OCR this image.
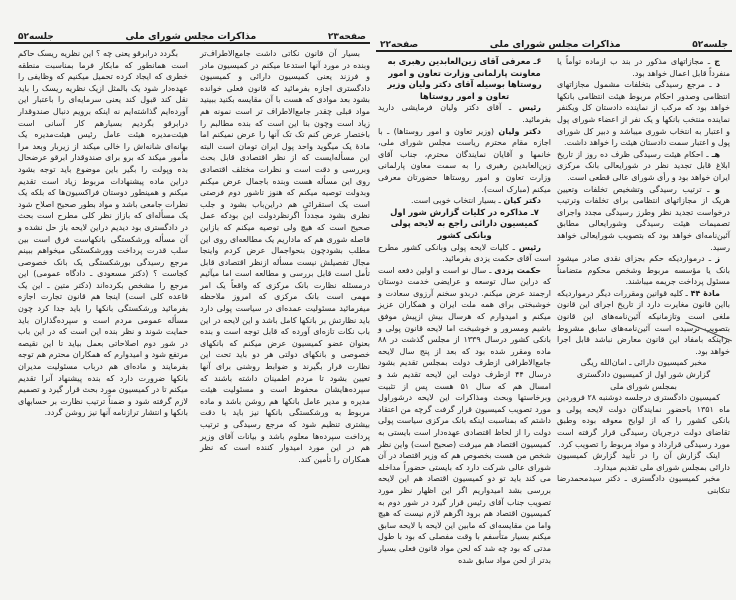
صفحه۲۳
مذاکرات مجلس شورای ملی
جلسه۵۲

بسیار آن قانون نکاتی داشت جامع‌الاطراف‌تر وبنده در مورد آنها استدعا میکنم در کمیسیون مادر و فرزند یعنی کمیسیون دارائی و کمیسیون دادگستری اجازه بفرمائید که قانون فعلی خوانده بشود بعد موادی که هست با آن مقایسه بکنید ببینید مواد قبلی چقدر جامع‌الاطراف تر است نمونه هم زیاد است وچون بنا این است که بنده مطالبم را باختصار عرض کنم تک تک آنها را عرض نمیکنم اما مادهٔ یک میگوید واحد پول ایران تومان است البته این مسأله‌ایست که از نظر اقتصادی قابل بحث وبررسی و دقت است و نظرات مختلف اقتصادی روی این مسأله هست وبنده باجمال عرض میکنم وبدولت توصیه میکنم که هنوز تاشور دوم فرصتی است یک استقرائی هم دراین‌باب بشود و جلب نظری بشود مجدداً اگرنظردولت این بودکه عمل صحیح است که هیچ ولی توصیه میکنم که بازاین فاصله شوری هم که ماداریم یک مطالعه‌ای روی این مطلب بشودچون بنحواجمال عرض کردم واینجا مجال تفصیلش نیست مسأله ازنظر اقتصادی قابل تأمل است قابل بررسی و مطالعه است اما میآئیم درمسئله نظارت بانک مرکزی که واقعاً یک امر مهمی است بانک مرکزی که امروز ملاحظه میفرمائید مسئولیت عمده‌ای در سیاست پولی دارد باید نظارتش بر بانکها کامل باشد و این لایحه در این باب نکات تازه‌ای آورده که قابل توجه است و بنده بعنوان عضو کمیسیون عرض میکنم که بانکهای خصوصی و بانکهای دولتی هر دو باید تحت این نظارت قرار بگیرند و ضوابط روشنی برای آنها تعیین بشود تا مردم اطمینان داشته باشند که سپرده‌هایشان محفوظ است و مسئولیت هیئت مدیره و مدیر عامل بانکها هم روشن باشد و ماده مربوط به ورشکستگی بانکها نیز باید با دقت بیشتری تنظیم شود که مرجع رسیدگی و ترتیب پرداخت سپرده‌ها معلوم باشد و بیانات آقای وزیر هم در این مورد امیدوار کننده است که نظر همکاران را تأمین کند.

بگردد درابرقو یعنی چه ؟ این نظریه ریسک حاکم است همانطور که مابکار فرما بمناسبت منطقه خطری که ایجاد کرده تحمیل میکنیم که وظایفی را عهده‌دار شود یک بالمثل ازیک نظریه ریسک را باید نقل کند قبول کند یعنی سرمایه‌ای را باعتبار این آورده‌ایم گذاشته‌ایم نه اینکه برویم دنبال صندوقدار درابرقو بگردیم بسیارهم کار آسانی است هیئت‌مدیره هیئت عامل رئیس هیئت‌مدیره یک بهانه‌ای شانه‌اش را خالی میکند از زیربار وبعد مرا مأمور میکند که برو برای صندوقدار ابرقو عرضحال بده وپولت را بگیر باین موضوع باید توجه بشود دراین ماده پیشنهادات مربوط زیاد است تقدیم میکنم و همینطور دوستان فراکسیون‌ها که بلکه یک نظرات جامعی باشد و مواد بطور صحیح اصلاح شود یک مسأله‌ای که بازاز نظر کلی مطرح است بحث در دادگستری بود دیدیم دراین لایحه باز حل نشده و آن مسأله ورشکستگی بانکهاست فرق است بین سلب قدرت پرداخت وورشکستگی میخواهم ببینم مرجع رسیدگی بورشکستگی یک بانک خصوصی کجاست ؟ (دکتر مسعودی ـ دادگاه عمومی) این مرجع را مشخص بکرده‌اند (دکتر متین ـ این یک قاعده کلی است) اینجا هم قانون تجارت اجازه بفرمائید ورشکستگی بانکها را باید جدا کرد چون مسأله عمومی مردم است و سپرده‌گذاران باید حمایت شوند و نظر بنده این است که در این باب در شور دوم اصلاحاتی بعمل بیاید تا این نقیصه مرتفع شود و امیدوارم که همکاران محترم هم توجه بفرمایند و ماده‌ای هم درباب مسئولیت مدیران بانکها ضرورت دارد که بنده پیشنهاد آنرا تقدیم میکنم تا در کمیسیون مورد بحث قرار گیرد و تصمیم لازم گرفته شود و ضمناً ترتیب نظارت بر حسابهای بانکها و انتشار ترازنامه آنها نیز روشن گردد.

جلسه۵۲
مذاکرات مجلس شورای ملی
صفحه۲۲

ج ـ مجازاتهای مذکور در بند ب ازماده توأماً یا منفرداً قابل اعمال خواهد بود.

د ـ مرجع رسیدگی بتخلفات مشمول مجازاتهای انتظامی وصدور احکام مربوط هیئت انتظامی بانکها خواهد بود که مرکب از نماینده دادستان کل ویکنفر نماینده منتخب بانکها و یک نفر از اعضاء شورای پول و اعتبار به انتخاب شوری میباشد و دبیر کل شورای پول و اعتبار سمت دادستان هیئت را خواهد داشت.

هـ ـ احکام هیئت رسیدگی ظرف ده روز از تاریخ ابلاغ قابل تجدید نظر در شورایعالی بانک مرکزی ایران خواهد بود و رأی شورای عالی قطعی است.

و ـ ترتیب رسیدگی وتشخیص تخلفات وتعیین هریک از مجازاتهای انتظامی برای تخلفات وترتیب درخواست تجدید نظر وطرز رسیدگی مجدد واجرای تصمیمات هیئت رسیدگی وشورایعالی مطابق آئین‌نامه‌ای خواهد بود که بتصویب شورایعالی خواهد رسید.

ز ـ درمواردیکه حکم بجزای نقدی صادر میشود بانک یا مؤسسه مربوط وشخص محکوم متضامناً مسئول پرداخت جریمه میباشند.

مادهٔ ۴۴ ـ کلیه قوانین ومقررات دیگر درمواردیکه بااین قانون مغایرت دارد از تاریخ اجرای این قانون ملغی است وتازمانیکه آئین‌نامه‌های این قانون بتصویب نرسیده است آئین‌نامه‌های سابق مشروط براینکه بامفاد این قانون معارض نباشد قابل اجرا خواهد بود.

مخبر کمیسیون دارائی ـ امان‌الله ریگی

گزارش شور اول از کمیسیون دادگستری

بمجلس شورای ملی

کمیسیون دادگستری درجلسه دوشنبه ۲۸ فروردین ماه ۱۳۵۱ باحضور نمایندگان دولت لایحه پولی و بانکی کشور را که از لوایح معوقه بوده وطبق تقاضای دولت درجریان رسیدگی قرار گرفته است مورد رسیدگی قرارداد و مواد مربوط را تصویب کرد.

اینک گزارش آن را در تأیید گزارش کمیسیون دارائی بمجلس شورای ملی تقدیم میدارد.

مخبر کمیسیون دادگستری ـ دکتر سیدمحمدرضا تنکابنی

۶ـ معرفی آقای زین‌العابدین رهبری به معاونت پارلمانی وزارت تعاون و امور روستاها بوسیله آقای دکتر ولیان وزیر تعاون و امور روستاها

رئیس ـ آقای دکتر ولیان فرمایشی دارید بفرمائید.

دکتر ولیان (وزیر تعاون و امور روستاها) ـ با اجازه مقام محترم ریاست مجلس شورای ملی، خانمها و آقایان نمایندگان محترم، جناب آقای زین‌العابدین رهبری را به سمت معاون پارلمانی وزارت تعاون و امور روستاها حضورتان معرفی میکنم (مبارک است).

دکتر کیان ـ بسیار انتخاب خوبی است.

۷ـ مذاکره در کلیات گزارش شور اول کمیسیون دارائی راجع به لایحه پولی وبانکی کشور

رئیس ـ کلیات لایحه پولی وبانکی کشور مطرح است آقای حکمت یزدی بفرمائید.

حکمت یزدی ـ سال نو است و اولین دفعه است که دراین سال توسعه و عرایضی خدمت دوستان ارجمند عرض میکنم. دربدو سخنم آرزوی سعادت و خوشبختی برای همه ملت ایران و همکاران عزیز میکنم و امیدوارم که هرسال بیش ازپیش موفق باشیم ومسرور و خوشبخت اما لایحه قانون پولی و بانکی کشور درسال ۱۳۳۹ از مجلس گذشت در ۸۸ ماده ومقرر شده بود که بعد از پنج سال لایحه جامع‌الاطرافی ازطرف دولت بمجلس تقدیم بشود درسال ۴۴ ازطرف دولت این لایحه تقدیم شد و امسال هم که سال ۵۱ هست پس از تثبیت وبرخاستها وبحث ومذاکرات این لایحه درشوراول مورد تصویب کمیسیون قرار گرفت گرچه من اعتقاد داشتم که بمناسبت اینکه بانک مرکزی سیاست پولی دولت را از لحاظ اقتصادی عهده‌دار است بایستی به کمیسیون اقتصاد هم میرفت (صحیح است) واین نظر شخص من هست بخصوص هم که وزیر اقتصاد در آن شورای عالی شرکت دارد که بایستی حضوراً مداخله می کند باید تو دو کمیسیون اقتصاد هم این لایحه بررسی بشد امیدواریم اگر این اظهار نظر مورد تصویب جناب آقای رئیس قرار گیرد در شور دوم به کمیسیون اقتصاد هم برود اگرهم لازم نیست که هیچ واما من مقایسه‌ای که مابین این لایحه با لایحه سابق میکنم بسیار متأسفم با وقت مفصلی که بود با طول مدتی که بود چه شد که لحن مواد قانون فعلی بسیار بدتر از لحن مواد سابق شده
